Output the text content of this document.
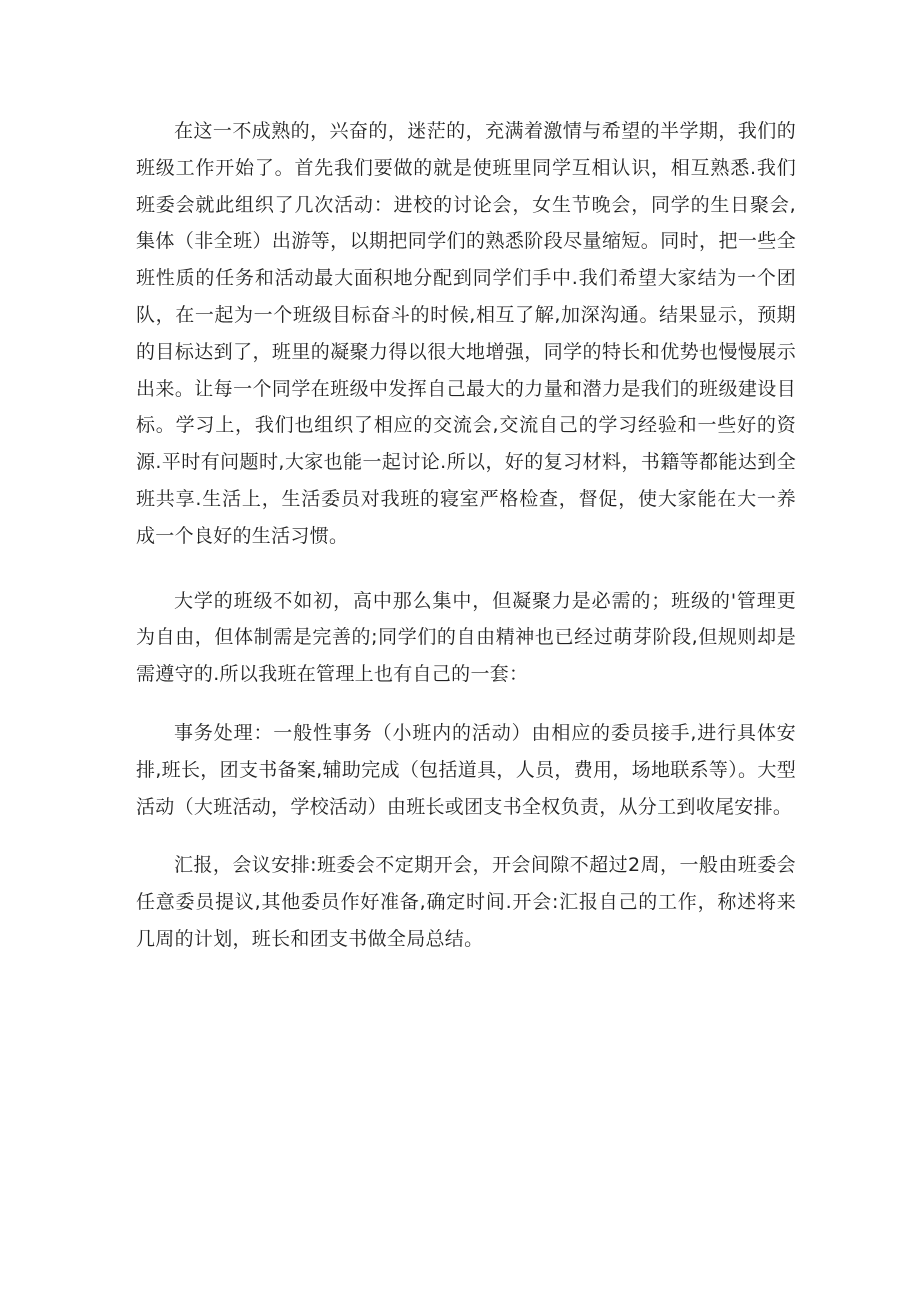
在这一不成熟的，兴奋的，迷茫的，充满着激情与希望的半学期，我们的班级工作开始了。首先我们要做的就是使班里同学互相认识，相互熟悉.我们班委会就此组织了几次活动：进校的讨论会，女生节晚会，同学的生日聚会,集体（非全班）出游等，以期把同学们的熟悉阶段尽量缩短。同时，把一些全班性质的任务和活动最大面积地分配到同学们手中.我们希望大家结为一个团队，在一起为一个班级目标奋斗的时候,相互了解,加深沟通。结果显示，预期的目标达到了，班里的凝聚力得以很大地增强，同学的特长和优势也慢慢展示出来。让每一个同学在班级中发挥自己最大的力量和潜力是我们的班级建设目标。学习上，我们也组织了相应的交流会,交流自己的学习经验和一些好的资源.平时有问题时,大家也能一起讨论.所以，好的复习材料，书籍等都能达到全班共享.生活上，生活委员对我班的寝室严格检查，督促，使大家能在大一养成一个良好的生活习惯。

大学的班级不如初，高中那么集中，但凝聚力是必需的；班级的'管理更为自由，但体制需是完善的;同学们的自由精神也已经过萌芽阶段,但规则却是需遵守的.所以我班在管理上也有自己的一套：

事务处理：一般性事务（小班内的活动）由相应的委员接手,进行具体安排,班长，团支书备案,辅助完成（包括道具，人员，费用，场地联系等）。大型活动（大班活动，学校活动）由班长或团支书全权负责，从分工到收尾安排。

汇报，会议安排:班委会不定期开会，开会间隙不超过2周，一般由班委会任意委员提议,其他委员作好准备,确定时间.开会:汇报自己的工作，称述将来几周的计划，班长和团支书做全局总结。
